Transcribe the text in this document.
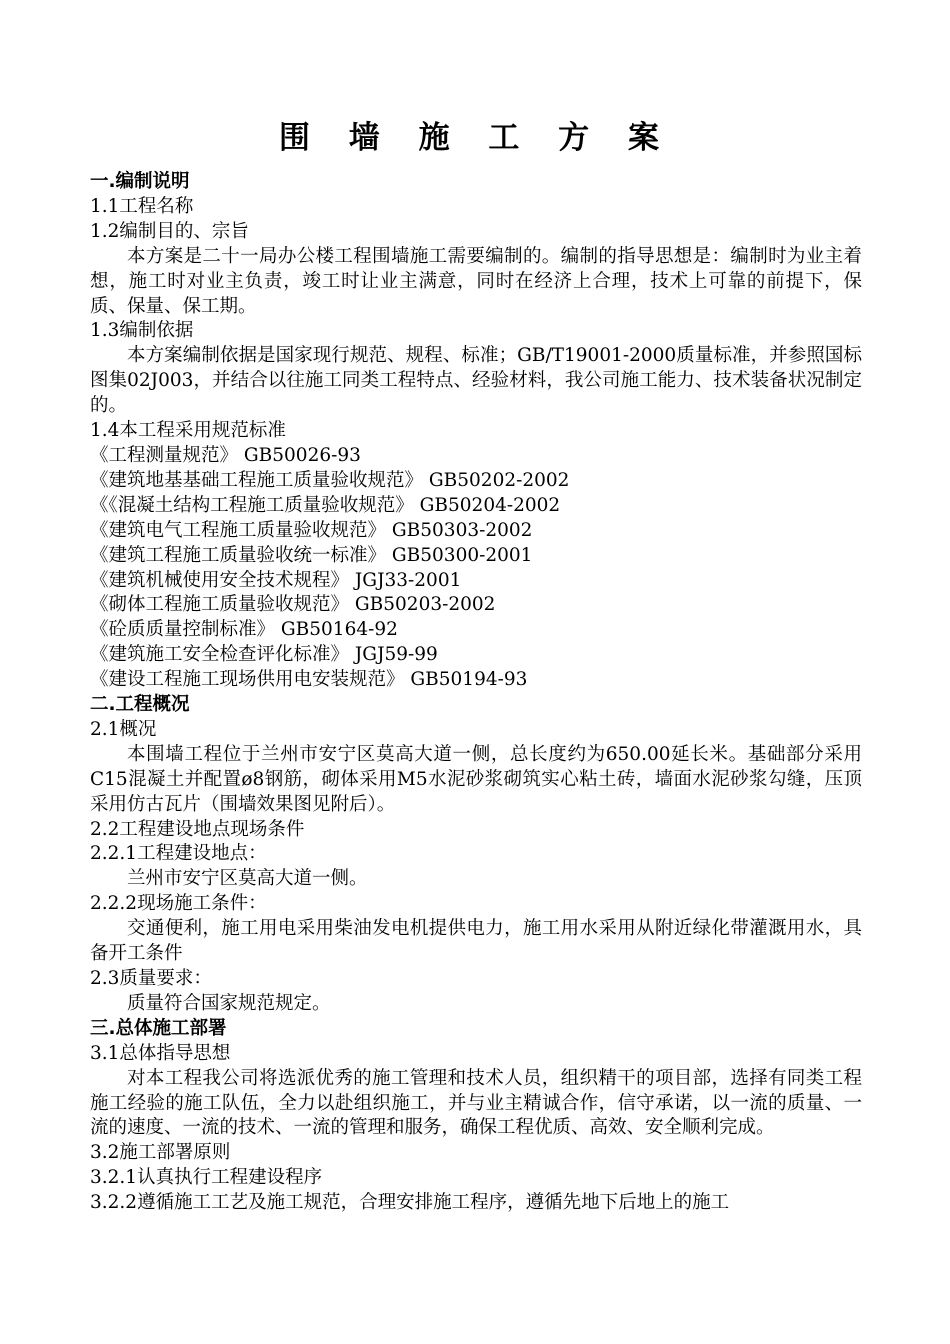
围 墙 施 工 方 案
一.编制说明
1.1工程名称
1.2编制目的、宗旨
本方案是二十一局办公楼工程围墙施工需要编制的。编制的指导思想是：编制时为业主着想，施工时对业主负责，竣工时让业主满意，同时在经济上合理，技术上可靠的前提下，保质、保量、保工期。
1.3编制依据
本方案编制依据是国家现行规范、规程、标准；GB/T19001-2000质量标准，并参照国标图集02J003，并结合以往施工同类工程特点、经验材料，我公司施工能力、技术装备状况制定的。
1.4本工程采用规范标准
《工程测量规范》 GB50026-93
《建筑地基基础工程施工质量验收规范》 GB50202-2002
《《混凝土结构工程施工质量验收规范》 GB50204-2002
《建筑电气工程施工质量验收规范》 GB50303-2002
《建筑工程施工质量验收统一标准》 GB50300-2001
《建筑机械使用安全技术规程》 JGJ33-2001
《砌体工程施工质量验收规范》 GB50203-2002
《砼质质量控制标准》 GB50164-92
《建筑施工安全检查评化标准》 JGJ59-99
《建设工程施工现场供用电安装规范》 GB50194-93
二.工程概况
2.1概况
本围墙工程位于兰州市安宁区莫高大道一侧，总长度约为650.00延长米。基础部分采用C15混凝土并配置ø8钢筋，砌体采用M5水泥砂浆砌筑实心粘土砖，墙面水泥砂浆勾缝，压顶采用仿古瓦片（围墙效果图见附后）。
2.2工程建设地点现场条件
2.2.1工程建设地点：
兰州市安宁区莫高大道一侧。
2.2.2现场施工条件：
交通便利，施工用电采用柴油发电机提供电力，施工用水采用从附近绿化带灌溉用水，具备开工条件
2.3质量要求：
质量符合国家规范规定。
三.总体施工部署
3.1总体指导思想
对本工程我公司将选派优秀的施工管理和技术人员，组织精干的项目部，选择有同类工程施工经验的施工队伍，全力以赴组织施工，并与业主精诚合作，信守承诺，以一流的质量、一流的速度、一流的技术、一流的管理和服务，确保工程优质、高效、安全顺利完成。
3.2施工部署原则
3.2.1认真执行工程建设程序
3.2.2遵循施工工艺及施工规范，合理安排施工程序，遵循先地下后地上的施工
